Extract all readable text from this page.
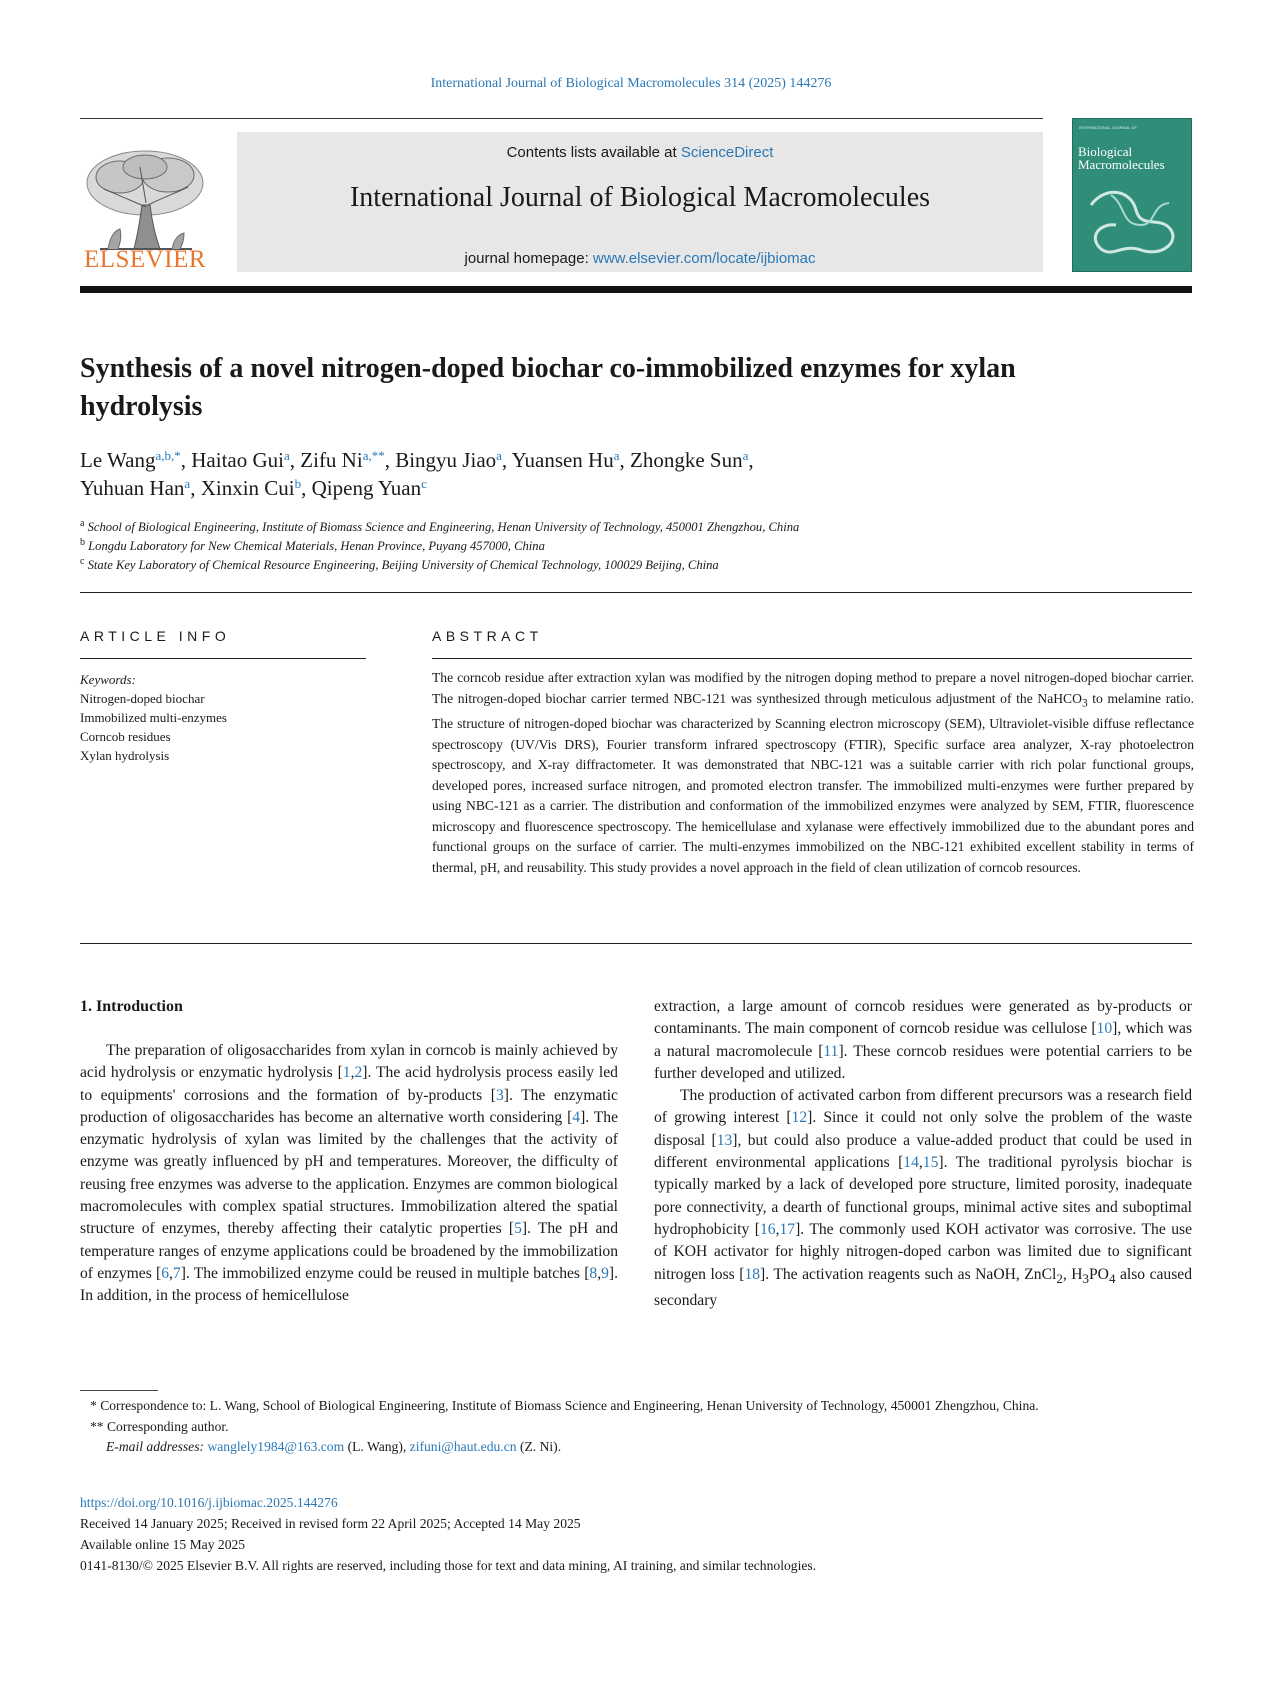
International Journal of Biological Macromolecules 314 (2025) 144276
ELSEVIER
Contents lists available at ScienceDirect
International Journal of Biological Macromolecules
journal homepage: www.elsevier.com/locate/ijbiomac
INTERNATIONAL JOURNAL OF
Biological
Macromolecules
Synthesis of a novel nitrogen-doped biochar co-immobilized enzymes for xylan hydrolysis
Le Wang$^{a,b,*}$, Haitao Gui$^a$, Zifu $Ni^{a,**}$, Bingyu Jiao$^a$, Yuansen Hu$^a$, Zhongke Sun$^a$,
Yuhuan Han$^a$, Xinxin Cui$^b$, Qipeng Yuan$^c$
$^a$ School of Biological Engineering, Institute of Biomass Science and Engineering, Henan University of Technology, 450001 Zhengzhou, China
$^b$ Longdu Laboratory for New Chemical Materials, Henan Province, Puyang 457000, China
$^c$ State Key Laboratory of Chemical Resource Engineering, Beijing University of Chemical Technology, 100029 Beijing, China
ARTICLE INFO	ABSTRACT
Keywords:
Nitrogen-doped biochar
Immobilized multi-enzymes
Corncob residues
Xylan hydrolysis
The corncob residue after extraction xylan was modified by the nitrogen doping method to prepare a novel nitrogen-doped biochar carrier. The nitrogen-doped biochar carrier termed NBC-121 was synthesized through meticulous adjustment of the NaHCO$_3$ to melamine ratio. The structure of nitrogen-doped biochar was characterized by Scanning electron microscopy (SEM), Ultraviolet-visible diffuse reflectance spectroscopy (UV/Vis DRS), Fourier transform infrared spectroscopy (FTIR), Specific surface area analyzer, X-ray photoelectron spectroscopy, and X-ray diffractometer. It was demonstrated that NBC-121 was a suitable carrier with rich polar functional groups, developed pores, increased surface nitrogen, and promoted electron transfer. The immobilized multi-enzymes were further prepared by using NBC-121 as a carrier. The distribution and conformation of the immobilized enzymes were analyzed by SEM, FTIR, fluorescence microscopy and fluorescence spectroscopy. The hemicellulase and xylanase were effectively immobilized due to the abundant pores and functional groups on the surface of carrier. The multi-enzymes immobilized on the NBC-121 exhibited excellent stability in terms of thermal, pH, and reusability. This study provides a novel approach in the field of clean utilization of corncob resources.
1. Introduction

The preparation of oligosaccharides from xylan in corncob is mainly achieved by acid hydrolysis or enzymatic hydrolysis [1,2]. The acid hydrolysis process easily led to equipments' corrosions and the formation of by-products [3]. The enzymatic production of oligosaccharides has become an alternative worth considering [4]. The enzymatic hydrolysis of xylan was limited by the challenges that the activity of enzyme was greatly influenced by pH and temperatures. Moreover, the difficulty of reusing free enzymes was adverse to the application. Enzymes are common biological macromolecules with complex spatial structures. Immobilization altered the spatial structure of enzymes, thereby affecting their catalytic properties [5]. The pH and temperature ranges of enzyme applications could be broadened by the immobilization of enzymes [6,7]. The immobilized enzyme could be reused in multiple batches [8,9]. In addition, in the process of hemicellulose

extraction, a large amount of corncob residues were generated as by-products or contaminants. The main component of corncob residue was cellulose [10], which was a natural macromolecule [11]. These corncob residues were potential carriers to be further developed and utilized.

The production of activated carbon from different precursors was a research field of growing interest [12]. Since it could not only solve the problem of the waste disposal [13], but could also produce a value-added product that could be used in different environmental applications [14,15]. The traditional pyrolysis biochar is typically marked by a lack of developed pore structure, limited porosity, inadequate pore connectivity, a dearth of functional groups, minimal active sites and suboptimal hydrophobicity [16,17]. The commonly used KOH activator was corrosive. The use of KOH activator for highly nitrogen-doped carbon was limited due to significant nitrogen loss [18]. The activation reagents such as NaOH, ZnCl$_2$, $H_3PO_4$ also caused secondary

* Correspondence to: L. Wang, School of Biological Engineering, Institute of Biomass Science and Engineering, Henan University of Technology, 450001 Zhengzhou, China.
** Corresponding author.
E-mail addresses: wanglely1984@163.com (L. Wang), zifuni@haut.edu.cn (Z. Ni).
https://doi.org/10.1016/j.ijbiomac.2025.144276
Received 14 January 2025; Received in revised form 22 April 2025; Accepted 14 May 2025
Available online 15 May 2025
0141-8130/© 2025 Elsevier B.V. All rights are reserved, including those for text and data mining, AI training, and similar technologies.
